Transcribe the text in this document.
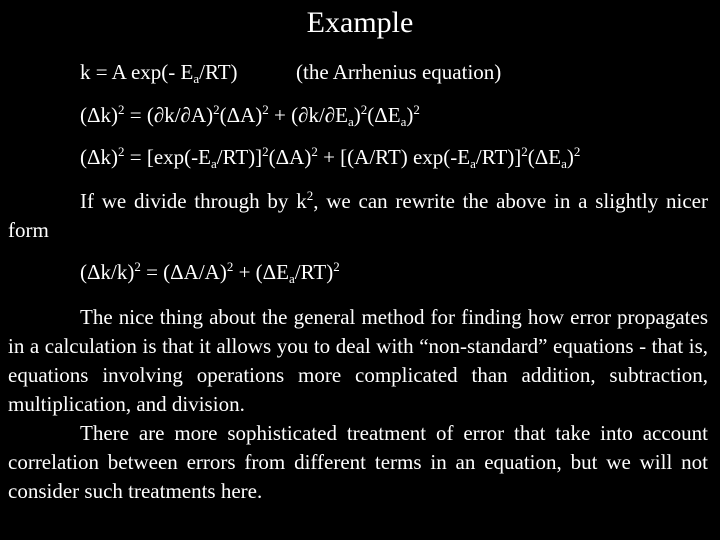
Example
k = A exp(- $E_a/RT$)	(the Arrhenius equation)
$(\Delta k)^2 = (\partial k/\partial A)^2(\Delta A)^2 + (\partial k/\partial E_a)^2(\Delta E_a)^2$
$(\Delta k)^2 = [\exp(-E_a/RT)]^2(\Delta A)^2 + [(A/RT)$ $\exp(-E_a/RT)]^2(\Delta E_a)^2$
If we divide through by $k^2$, we can rewrite the above in a slightly nicer form
$(\Delta k/k)^2 = (\Delta A/A)^2 + (\Delta E_a/RT)^2$
The nice thing about the general method for finding how error propagates in a calculation is that it allows you to deal with “non-standard” equations - that is, equations involving operations more complicated than addition, subtraction, multiplication, and division.
There are more sophisticated treatment of error that take into account correlation between errors from different terms in an equation, but we will not consider such treatments here.
